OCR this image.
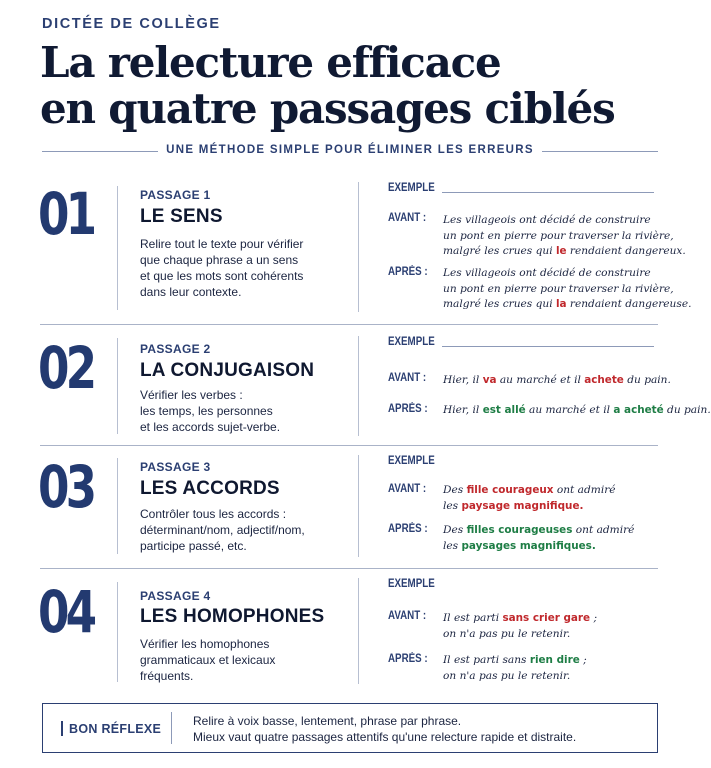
DICTÉE DE COLLÈGE
La relecture efficace
en quatre passages ciblés
UNE MÉTHODE SIMPLE POUR ÉLIMINER LES ERREURS
01	PASSAGE 1
LE SENS
Relire tout le texte pour vérifier
que chaque phrase a un sens
et que les mots sont cohérents
dans leur contexte.
EXEMPLE
AVANT : Les villageois ont décidé de construire
un pont en pierre pour traverser la rivière,
malgré les crues qui le rendaient dangereux.
APRÈS : Les villageois ont décidé de construire
un pont en pierre pour traverser la rivière,
malgré les crues qui la rendaient dangereuse.
02	PASSAGE 2
LA CONJUGAISON
Vérifier les verbes :
les temps, les personnes
et les accords sujet-verbe.
EXEMPLE
AVANT : Hier, il va au marché et il achete du pain.
APRÈS : Hier, il est allé au marché et il a acheté du pain.
03	PASSAGE 3
LES ACCORDS
Contrôler tous les accords :
déterminant/nom, adjectif/nom,
participe passé, etc.
EXEMPLE
AVANT : Des fille courageux ont admiré
les paysage magnifique.
APRÈS : Des filles courageuses ont admiré
les paysages magnifiques.
04	PASSAGE 4
LES HOMOPHONES
Vérifier les homophones
grammaticaux et lexicaux
fréquents.
EXEMPLE
AVANT : Il est parti sans crier gare ;
on n'a pas pu le retenir.
APRÈS : Il est parti sans rien dire ;
on n'a pas pu le retenir.
BON RÉFLEXE
Relire à voix basse, lentement, phrase par phrase.
Mieux vaut quatre passages attentifs qu'une relecture rapide et distraite.
